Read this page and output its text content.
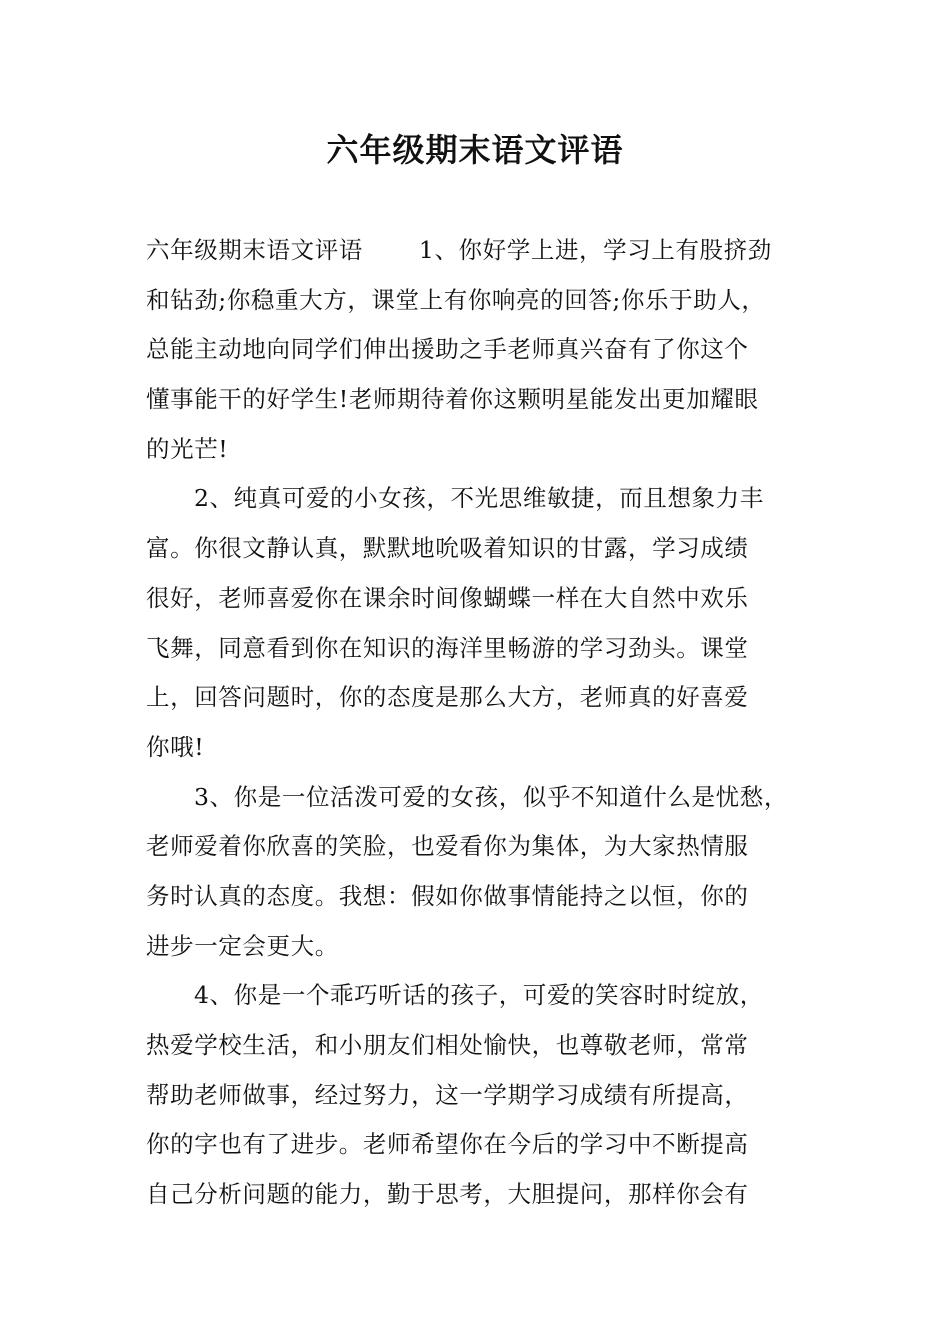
六年级期末语文评语
六年级期末语文评语 1、你好学上进，学习上有股挤劲
和钻劲;你稳重大方，课堂上有你响亮的回答;你乐于助人，
总能主动地向同学们伸出援助之手老师真兴奋有了你这个
懂事能干的好学生!老师期待着你这颗明星能发出更加耀眼
的光芒!
2、纯真可爱的小女孩，不光思维敏捷，而且想象力丰
富。你很文静认真，默默地吮吸着知识的甘露，学习成绩
很好，老师喜爱你在课余时间像蝴蝶一样在大自然中欢乐
飞舞，同意看到你在知识的海洋里畅游的学习劲头。课堂
上，回答问题时，你的态度是那么大方，老师真的好喜爱
你哦!
3、你是一位活泼可爱的女孩，似乎不知道什么是忧愁，
老师爱着你欣喜的笑脸，也爱看你为集体，为大家热情服
务时认真的态度。我想：假如你做事情能持之以恒，你的
进步一定会更大。
4、你是一个乖巧听话的孩子，可爱的笑容时时绽放，
热爱学校生活，和小朋友们相处愉快，也尊敬老师，常常
帮助老师做事，经过努力，这一学期学习成绩有所提高，
你的字也有了进步。老师希望你在今后的学习中不断提高
自己分析问题的能力，勤于思考，大胆提问，那样你会有
